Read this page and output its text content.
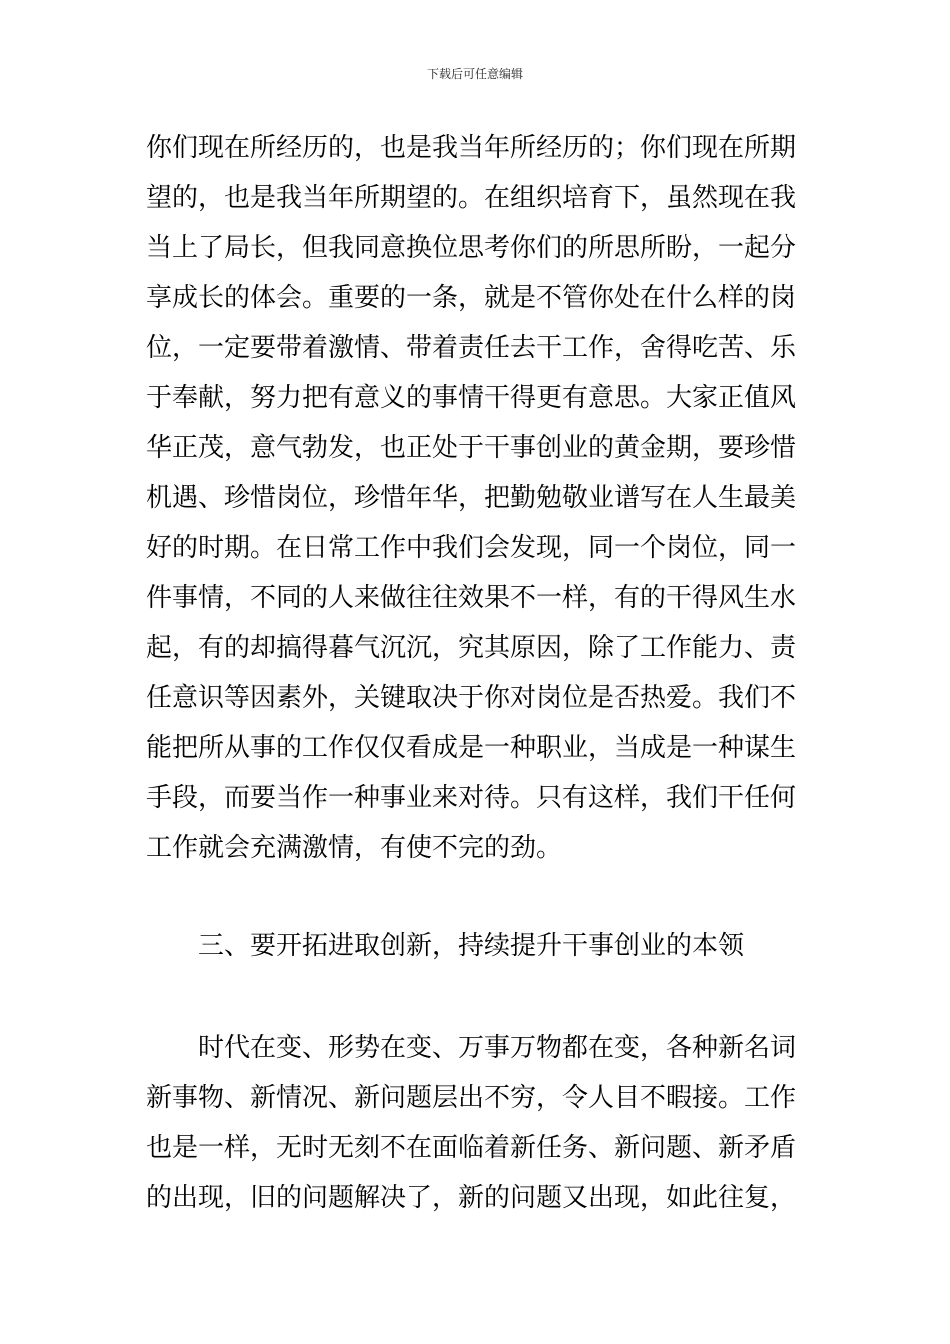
下载后可任意编辑
你们现在所经历的，也是我当年所经历的；你们现在所期
望的，也是我当年所期望的。在组织培育下，虽然现在我
当上了局长，但我同意换位思考你们的所思所盼，一起分
享成长的体会。重要的一条，就是不管你处在什么样的岗
位，一定要带着激情、带着责任去干工作，舍得吃苦、乐
于奉献，努力把有意义的事情干得更有意思。大家正值风
华正茂，意气勃发，也正处于干事创业的黄金期，要珍惜
机遇、珍惜岗位，珍惜年华，把勤勉敬业谱写在人生最美
好的时期。在日常工作中我们会发现，同一个岗位，同一
件事情，不同的人来做往往效果不一样，有的干得风生水
起，有的却搞得暮气沉沉，究其原因，除了工作能力、责
任意识等因素外，关键取决于你对岗位是否热爱。我们不
能把所从事的工作仅仅看成是一种职业，当成是一种谋生
手段，而要当作一种事业来对待。只有这样，我们干任何
工作就会充满激情，有使不完的劲。
三、要开拓进取创新，持续提升干事创业的本领
时代在变、形势在变、万事万物都在变，各种新名词
新事物、新情况、新问题层出不穷，令人目不暇接。工作
也是一样，无时无刻不在面临着新任务、新问题、新矛盾
的出现，旧的问题解决了，新的问题又出现，如此往复，
